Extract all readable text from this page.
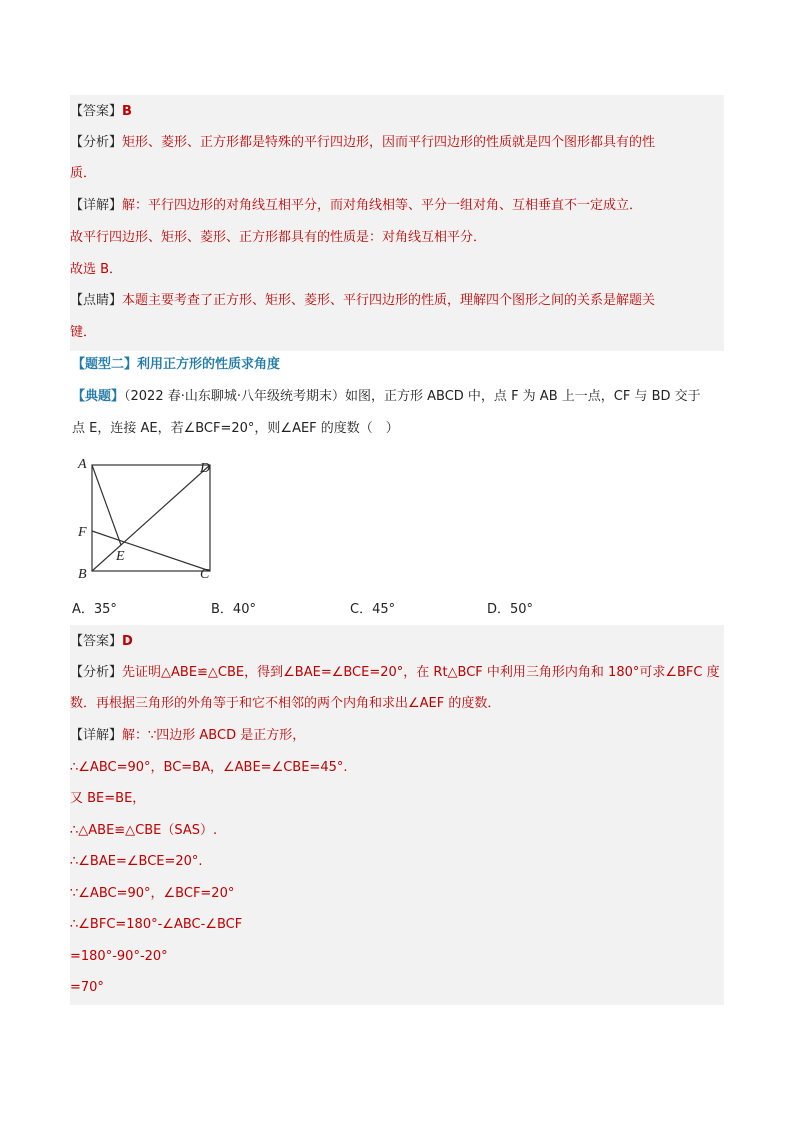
【答案】B
【分析】矩形、菱形、正方形都是特殊的平行四边形，因而平行四边形的性质就是四个图形都具有的性
质．
【详解】解：平行四边形的对角线互相平分，而对角线相等、平分一组对角、互相垂直不一定成立．
故平行四边形、矩形、菱形、正方形都具有的性质是：对角线互相平分．
故选 B．
【点睛】本题主要考查了正方形、矩形、菱形、平行四边形的性质，理解四个图形之间的关系是解题关
键．
【题型二】利用正方形的性质求角度
【典题】（2022 春·山东聊城·八年级统考期末）如图，正方形 ABCD 中，点 F 为 AB 上一点，CF 与 BD 交于
点 E，连接 AE，若∠BCF=20°，则∠AEF 的度数（　）
A	D
F
E
B	C
A．35°	B．40°	C．45°	D．50°
【答案】D
【分析】先证明△ABE≌△CBE，得到∠BAE=∠BCE=20°，在 Rt△BCF 中利用三角形内角和 180°可求∠BFC 度
数．再根据三角形的外角等于和它不相邻的两个内角和求出∠AEF 的度数．
【详解】解：∵四边形 ABCD 是正方形，
∴∠ABC=90°，BC=BA，∠ABE=∠CBE=45°.
又 BE=BE，
∴△ABE≌△CBE（SAS）.
∴∠BAE=∠BCE=20°.
∵∠ABC=90°，∠BCF=20°
∴∠BFC=180°-∠ABC-∠BCF
=180°-90°-20°
=70°
